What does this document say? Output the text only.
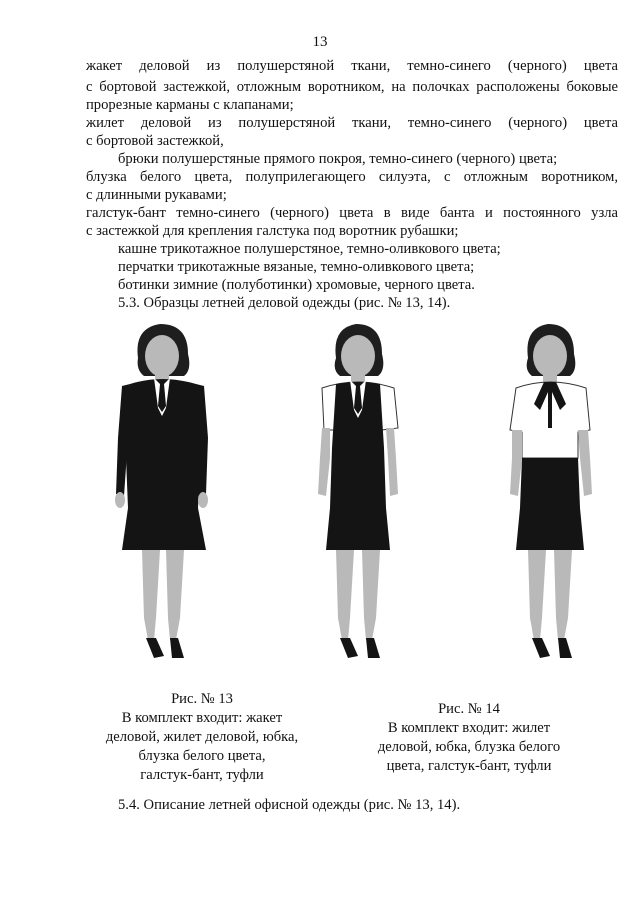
13
жакет деловой из полушерстяной ткани, темно-синего (черного) цвета
с бортовой застежкой, отложным воротником, на полочках расположены боковые
прорезные карманы с клапанами;
жилет деловой из полушерстяной ткани, темно-синего (черного) цвета
с бортовой застежкой,
брюки полушерстяные прямого покроя, темно-синего (черного) цвета;
блузка белого цвета, полуприлегающего силуэта, с отложным воротником,
с длинными рукавами;
галстук-бант темно-синего (черного) цвета в виде банта и постоянного узла
с застежкой для крепления галстука под воротник рубашки;
кашне трикотажное полушерстяное, темно-оливкового цвета;
перчатки трикотажные вязаные, темно-оливкового цвета;
ботинки зимние (полуботинки) хромовые, черного цвета.
5.3. Образцы летней деловой одежды (рис. № 13, 14).
Рис. № 13
В комплект входит: жакет
деловой, жилет деловой, юбка,
блузка белого цвета,
галстук-бант, туфли
Рис. № 14
В комплект входит: жилет
деловой, юбка, блузка белого
цвета, галстук-бант, туфли
5.4. Описание летней офисной одежды (рис. № 13, 14).
